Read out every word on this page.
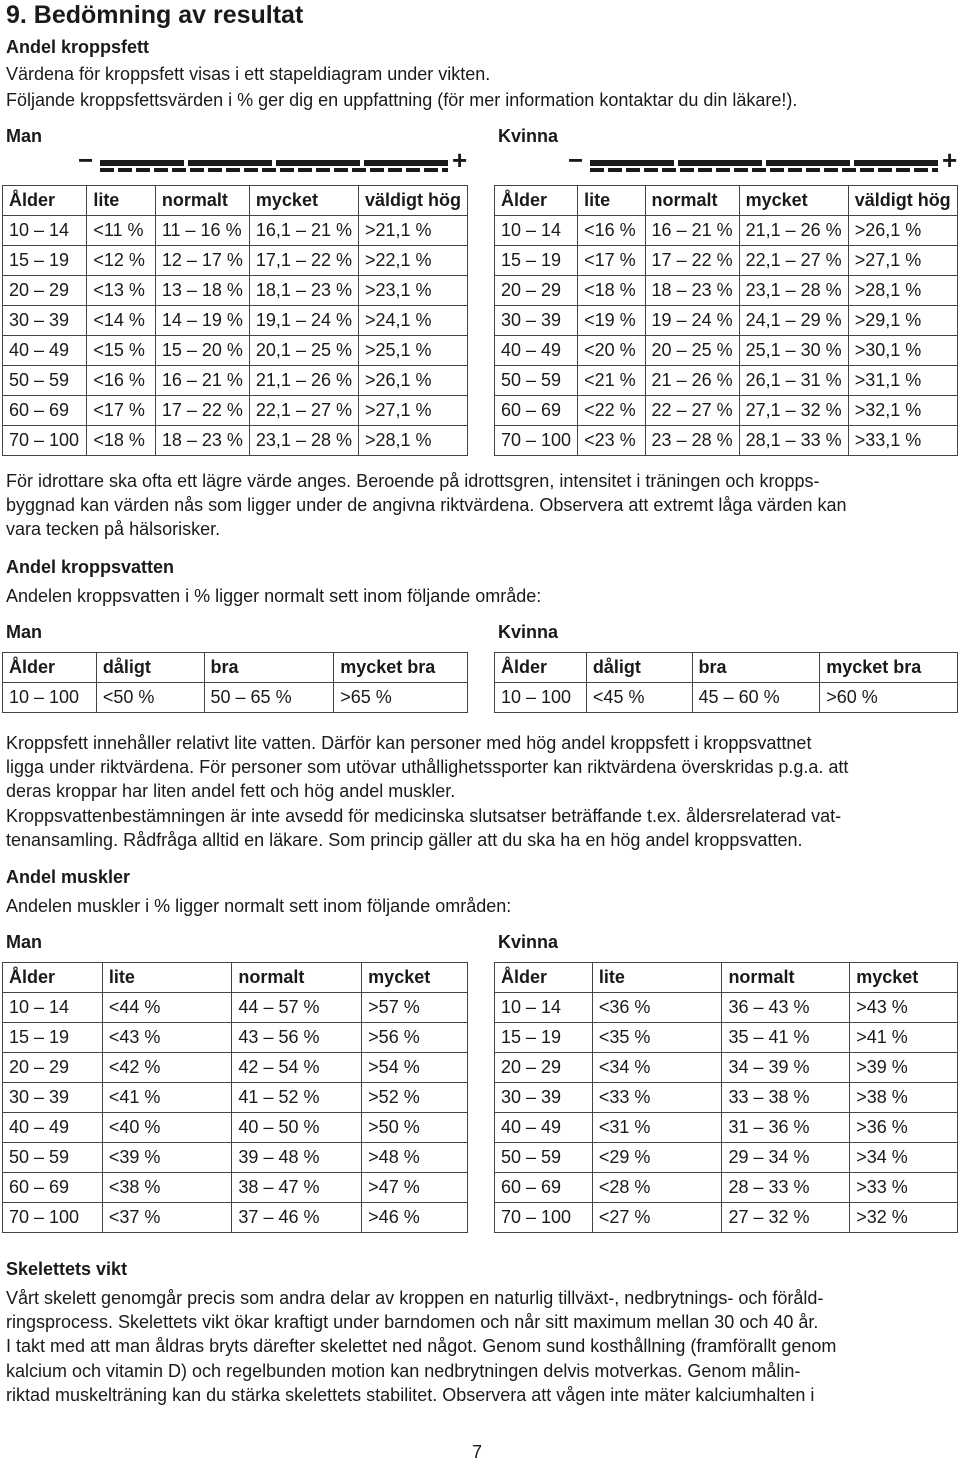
9. Bedömning av resultat
Andel kroppsfett
Värdena för kroppsfett visas i ett stapeldiagram under vikten.
Följande kroppsfettsvärden i % ger dig en uppfattning (för mer information kontaktar du din läkare!).
Man	Kvinna
−	+	−	+
Ålder	lite	normalt	mycket	väldigt hög
10 – 14	<11 %	11 – 16 %	16,1 – 21 %	>21,1 %
15 – 19	<12 %	12 – 17 %	17,1 – 22 %	>22,1 %
20 – 29	<13 %	13 – 18 %	18,1 – 23 %	>23,1 %
30 – 39	<14 %	14 – 19 %	19,1 – 24 %	>24,1 %
40 – 49	<15 %	15 – 20 %	20,1 – 25 %	>25,1 %
50 – 59	<16 %	16 – 21 %	21,1 – 26 %	>26,1 %
60 – 69	<17 %	17 – 22 %	22,1 – 27 %	>27,1 %
70 – 100	<18 %	18 – 23 %	23,1 – 28 %	>28,1 %
Ålder	lite	normalt	mycket	väldigt hög
10 – 14	<16 %	16 – 21 %	21,1 – 26 %	>26,1 %
15 – 19	<17 %	17 – 22 %	22,1 – 27 %	>27,1 %
20 – 29	<18 %	18 – 23 %	23,1 – 28 %	>28,1 %
30 – 39	<19 %	19 – 24 %	24,1 – 29 %	>29,1 %
40 – 49	<20 %	20 – 25 %	25,1 – 30 %	>30,1 %
50 – 59	<21 %	21 – 26 %	26,1 – 31 %	>31,1 %
60 – 69	<22 %	22 – 27 %	27,1 – 32 %	>32,1 %
70 – 100	<23 %	23 – 28 %	28,1 – 33 %	>33,1 %
För idrottare ska ofta ett lägre värde anges. Beroende på idrottsgren, intensitet i träningen och kropps-
byggnad kan värden nås som ligger under de angivna riktvärdena. Observera att extremt låga värden kan
vara tecken på hälsorisker.
Andel kroppsvatten
Andelen kroppsvatten i % ligger normalt sett inom följande område:
Man	Kvinna
Ålder	dåligt	bra	mycket bra
10 – 100	<50 %	50 – 65 %	>65 %
Ålder	dåligt	bra	mycket bra
10 – 100	<45 %	45 – 60 %	>60 %
Kroppsfett innehåller relativt lite vatten. Därför kan personer med hög andel kroppsfett i kroppsvattnet
ligga under riktvärdena. För personer som utövar uthållighetssporter kan riktvärdena överskridas p.g.a. att
deras kroppar har liten andel fett och hög andel muskler.
Kroppsvattenbestämningen är inte avsedd för medicinska slutsatser beträffande t.ex. åldersrelaterad vat-
tenansamling. Rådfråga alltid en läkare. Som princip gäller att du ska ha en hög andel kroppsvatten.
Andel muskler
Andelen muskler i % ligger normalt sett inom följande områden:
Man	Kvinna
Ålder	lite	normalt	mycket
10 – 14	<44 %	44 – 57 %	>57 %
15 – 19	<43 %	43 – 56 %	>56 %
20 – 29	<42 %	42 – 54 %	>54 %
30 – 39	<41 %	41 – 52 %	>52 %
40 – 49	<40 %	40 – 50 %	>50 %
50 – 59	<39 %	39 – 48 %	>48 %
60 – 69	<38 %	38 – 47 %	>47 %
70 – 100	<37 %	37 – 46 %	>46 %
Ålder	lite	normalt	mycket
10 – 14	<36 %	36 – 43 %	>43 %
15 – 19	<35 %	35 – 41 %	>41 %
20 – 29	<34 %	34 – 39 %	>39 %
30 – 39	<33 %	33 – 38 %	>38 %
40 – 49	<31 %	31 – 36 %	>36 %
50 – 59	<29 %	29 – 34 %	>34 %
60 – 69	<28 %	28 – 33 %	>33 %
70 – 100	<27 %	27 – 32 %	>32 %
Skelettets vikt
Vårt skelett genomgår precis som andra delar av kroppen en naturlig tillväxt-, nedbrytnings- och föråld-
ringsprocess. Skelettets vikt ökar kraftigt under barndomen och når sitt maximum mellan 30 och 40 år.
I takt med att man åldras bryts därefter skelettet ned något. Genom sund kosthållning (framförallt genom
kalcium och vitamin D) och regelbunden motion kan nedbrytningen delvis motverkas. Genom målin-
riktad muskelträning kan du stärka skelettets stabilitet. Observera att vågen inte mäter kalciumhalten i
7
